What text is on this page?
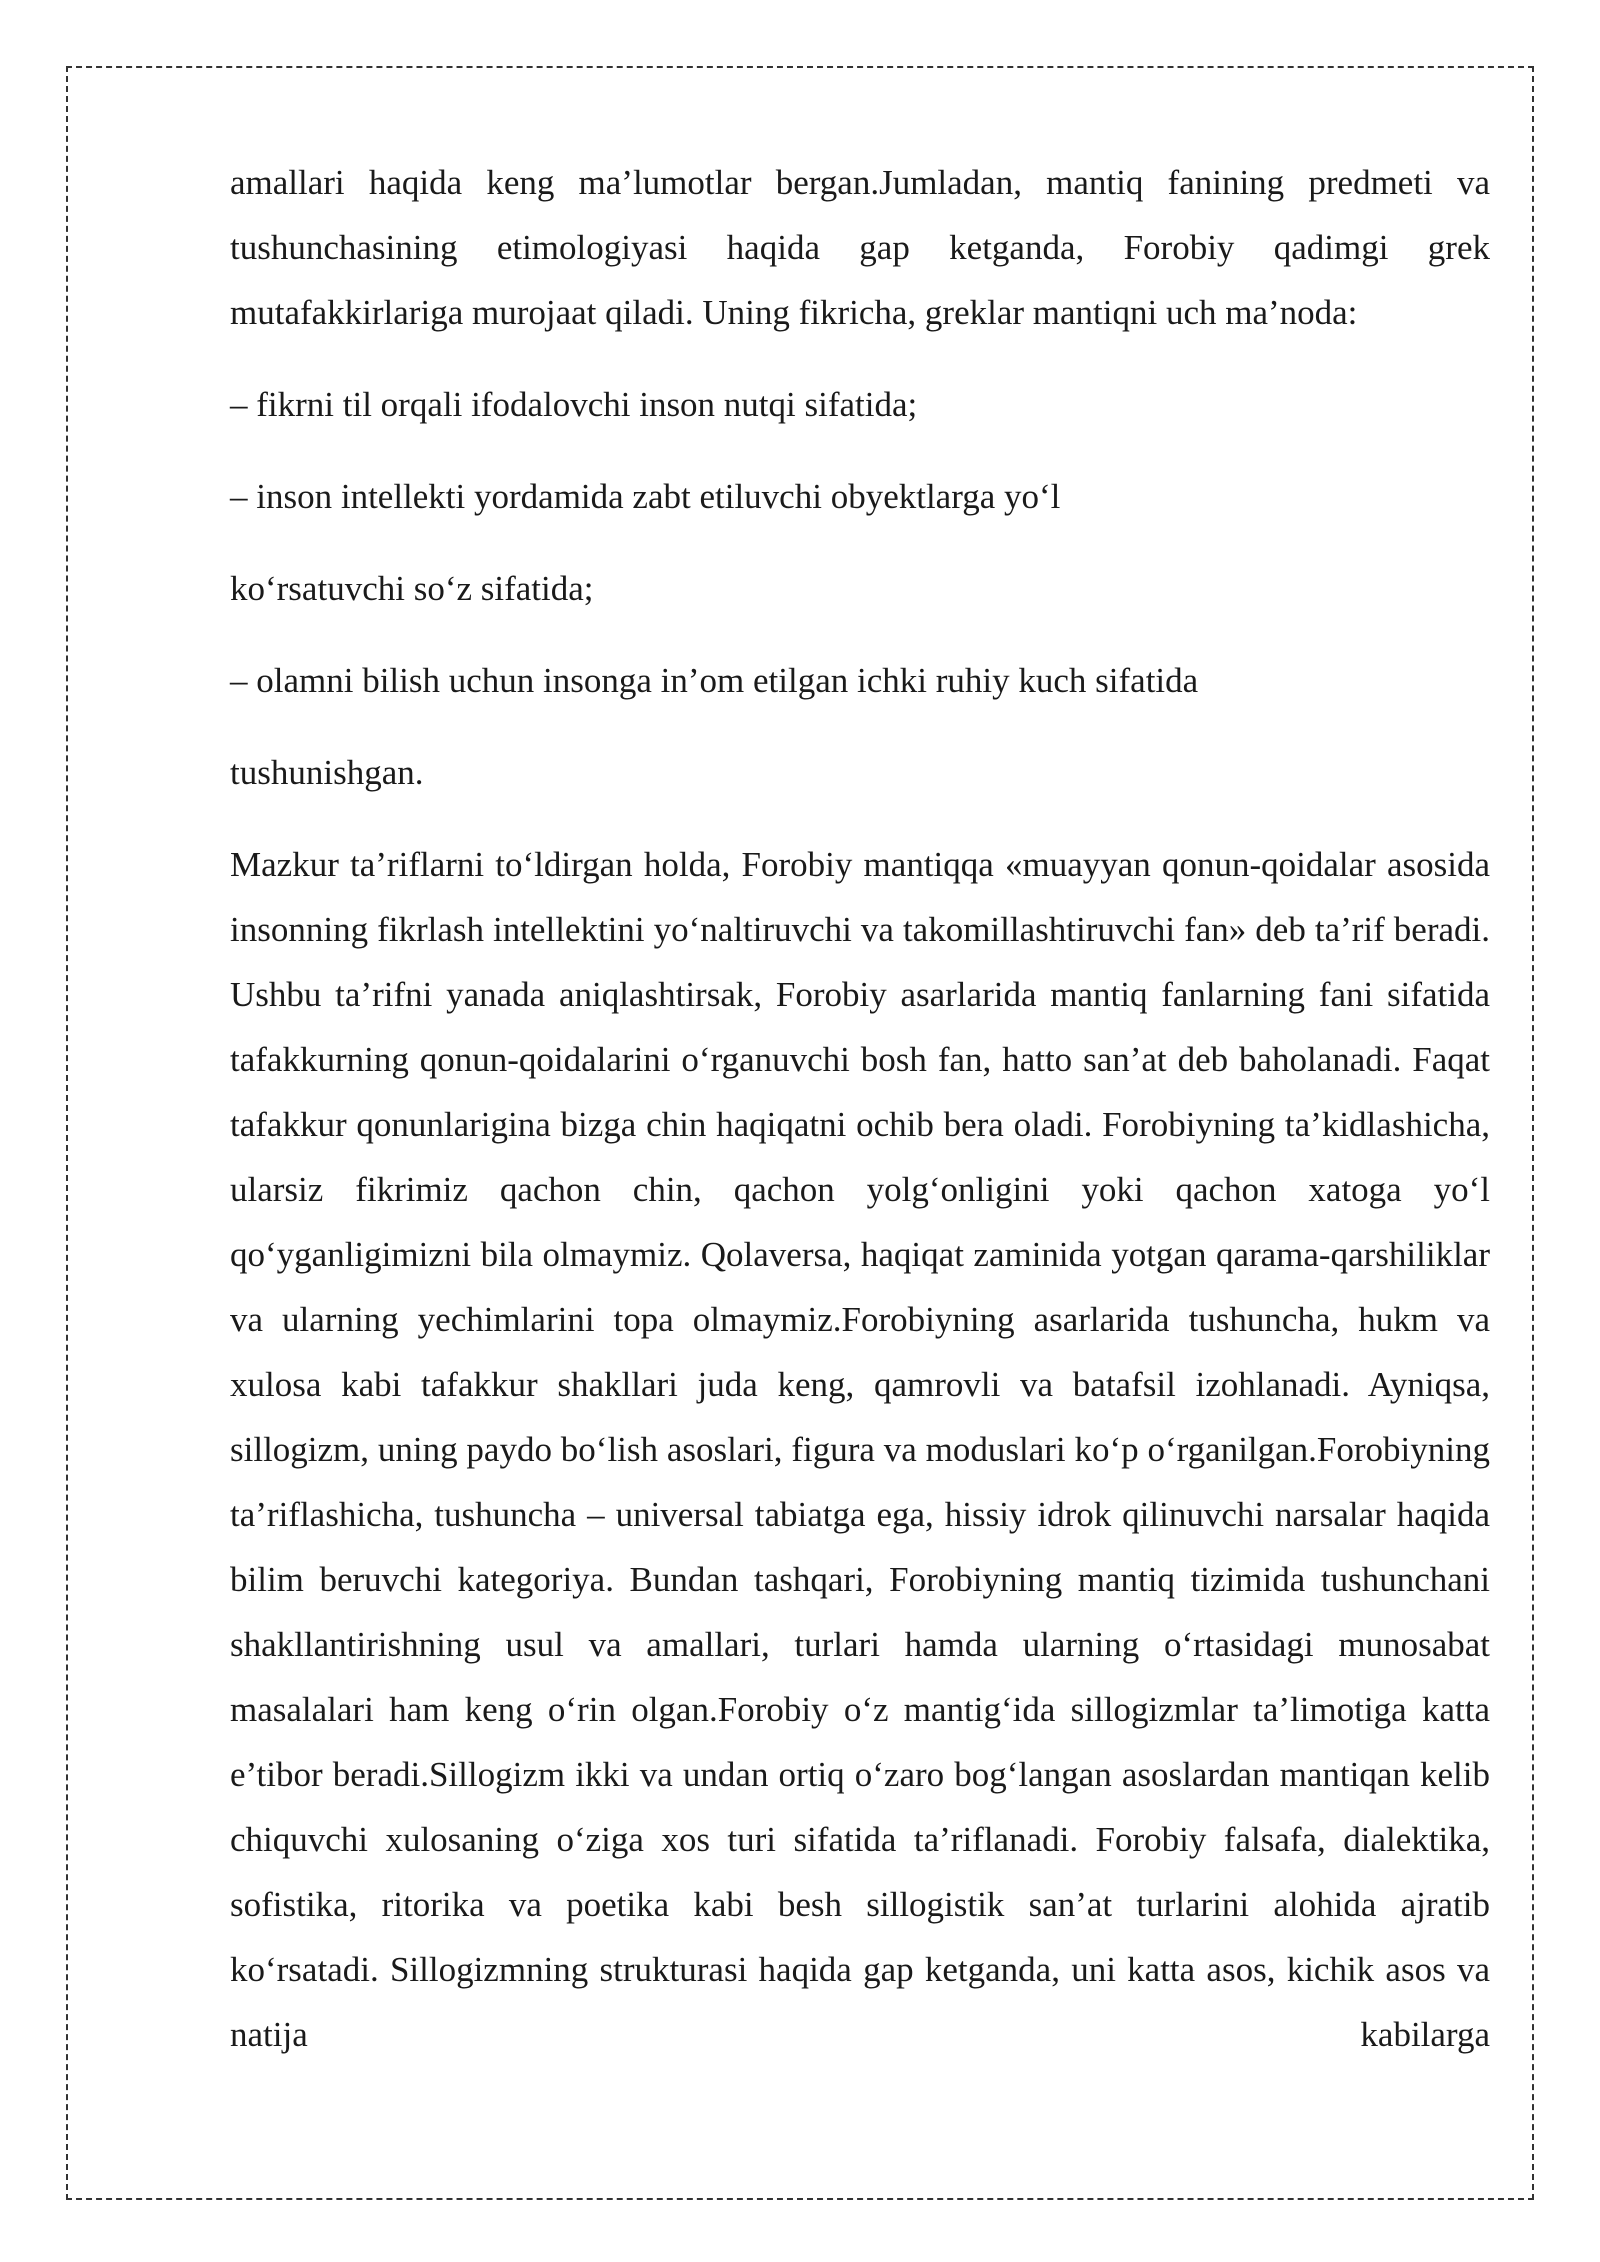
amallari haqida keng ma’lumotlar bergan.Jumladan, mantiq fanining predmeti va tushunchasining etimologiyasi haqida gap ketganda, Forobiy qadimgi grek mutafakkirlariga murojaat qiladi. Uning fikricha, greklar mantiqni uch ma’noda:

– fikrni til orqali ifodalovchi inson nutqi sifatida;

– inson intellekti yordamida zabt etiluvchi obyektlarga yo‘l

ko‘rsatuvchi so‘z sifatida;

– olamni bilish uchun insonga in’om etilgan ichki ruhiy kuch sifatida

tushunishgan.

Mazkur ta’riflarni to‘ldirgan holda, Forobiy mantiqqa «muayyan qonun-qoidalar asosida insonning fikrlash intellektini yo‘naltiruvchi va takomillashtiruvchi fan» deb ta’rif beradi. Ushbu ta’rifni yanada aniqlashtirsak, Forobiy asarlarida mantiq fanlarning fani sifatida tafakkurning qonun-qoidalarini o‘rganuvchi bosh fan, hatto san’at deb baholanadi. Faqat tafakkur qonunlarigina bizga chin haqiqatni ochib bera oladi. Forobiyning ta’kidlashicha, ularsiz fikrimiz qachon chin, qachon yolg‘onligini yoki qachon xatoga yo‘l qo‘yganligimizni bila olmaymiz. Qolaversa, haqiqat zaminida yotgan qarama-qarshiliklar va ularning yechimlarini topa olmaymiz.Forobiyning asarlarida tushuncha, hukm va xulosa kabi tafakkur shakllari juda keng, qamrovli va batafsil izohlanadi. Ayniqsa, sillogizm, uning paydo bo‘lish asoslari, figura va moduslari ko‘p o‘rganilgan.Forobiyning ta’riflashicha, tushuncha – universal tabiatga ega, hissiy idrok qilinuvchi narsalar haqida bilim beruvchi kategoriya. Bundan tashqari, Forobiyning mantiq tizimida tushunchani shakllantirishning usul va amallari, turlari hamda ularning o‘rtasidagi munosabat masalalari ham keng o‘rin olgan.Forobiy o‘z mantig‘ida sillogizmlar ta’limotiga katta e’tibor beradi.Sillogizm ikki va undan ortiq o‘zaro bog‘langan asoslardan mantiqan kelib chiquvchi xulosaning o‘ziga xos turi sifatida ta’riflanadi. Forobiy falsafa, dialektika, sofistika, ritorika va poetika kabi besh sillogistik san’at turlarini alohida ajratib ko‘rsatadi. Sillogizmning strukturasi haqida gap ketganda, uni katta asos, kichik asos va natija kabilarga
